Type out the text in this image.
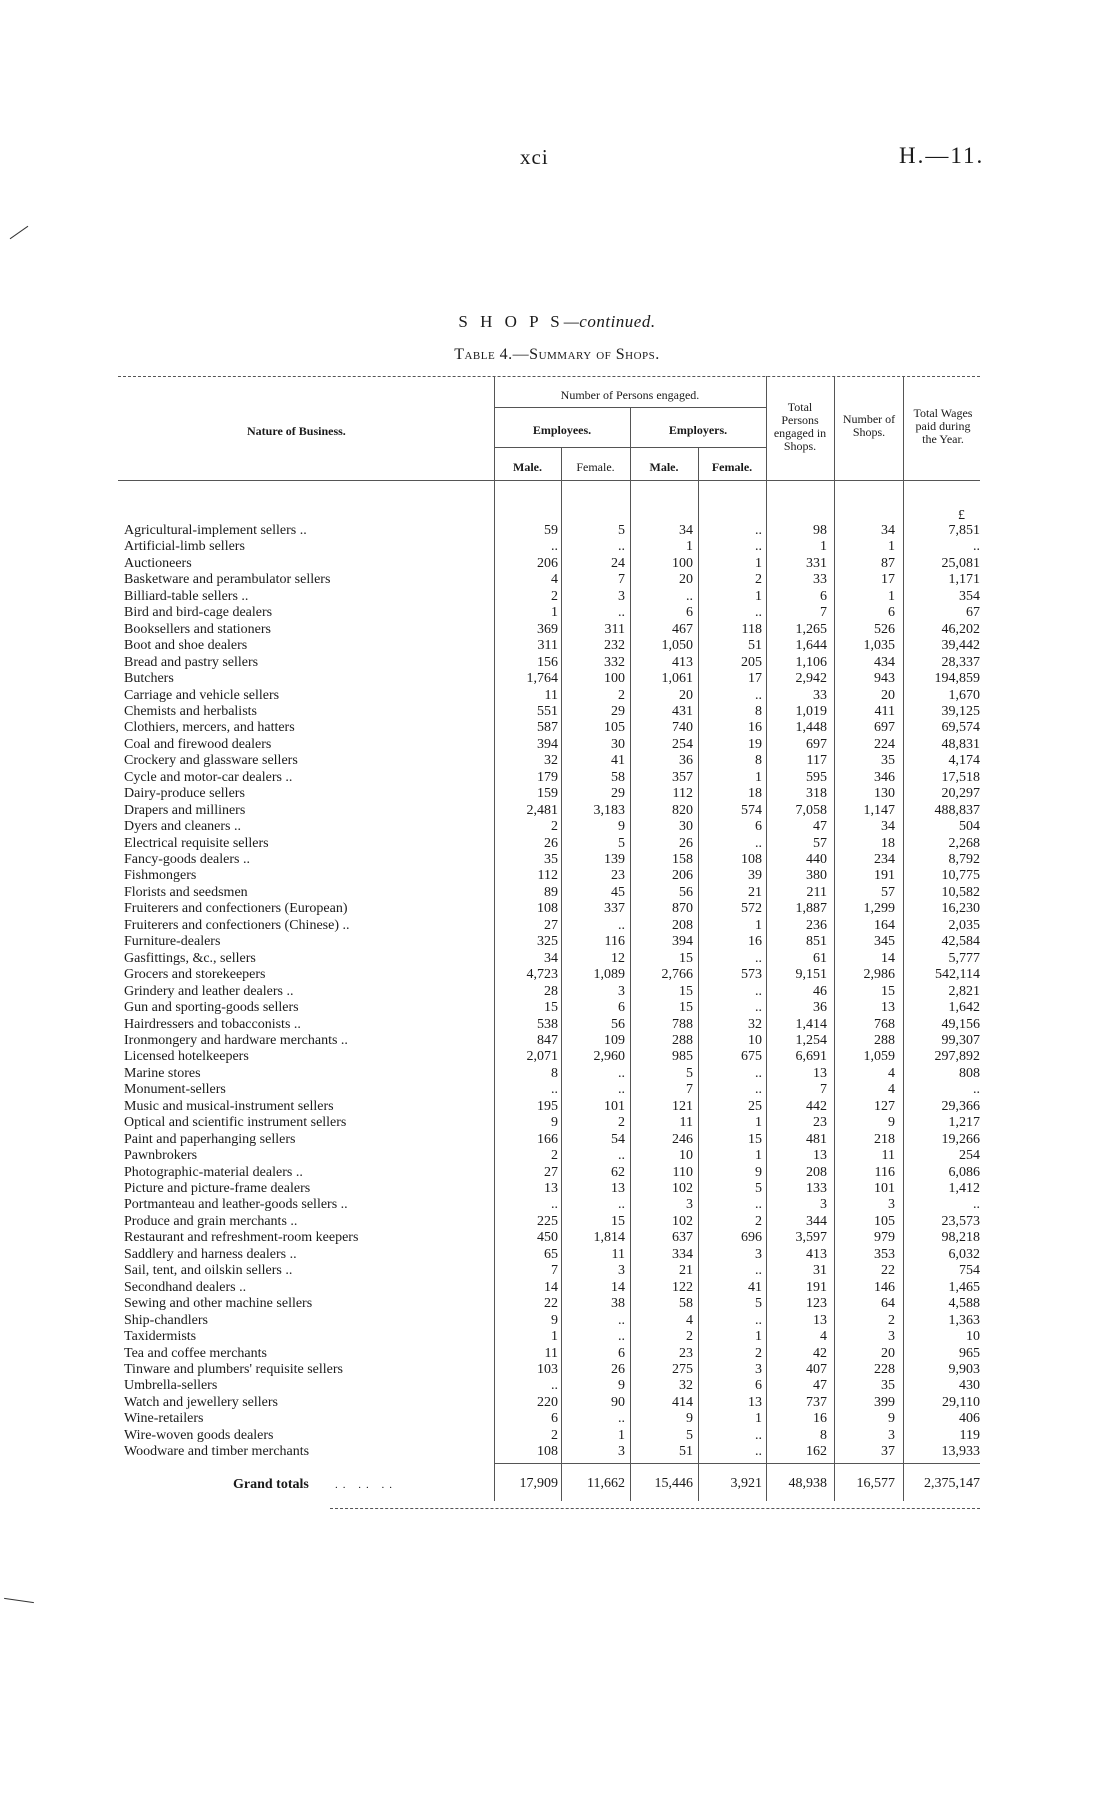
xci	H.—11.
S H O P S—continued.
Table 4.—Summary of Shops.
Nature of Business.
Number of Persons engaged.
Employees.	Employers.
Male.	Female.	Male.	Female.
Total Persons engaged in Shops.
Number of Shops.
Total Wages paid during the Year.
£
Agricultural-implement sellers ..	59	5	34	..	98	34	7,851
Artificial-limb sellers	..	..	1	..	1	1	..
Auctioneers	206	24	100	1	331	87	25,081
Basketware and perambulator sellers	4	7	20	2	33	17	1,171
Billiard-table sellers ..	2	3	..	1	6	1	354
Bird and bird-cage dealers	1	..	6	..	7	6	67
Booksellers and stationers	369	311	467	118 1,265	526	46,202
Boot and shoe dealers	311	232	1,050	51 1,644	1,035	39,442
Bread and pastry sellers	156	332	413	205 1,106	434	28,337
Butchers	1,764	100	1,061	17 2,942	943	194,859
Carriage and vehicle sellers	11	2	20	..	33	20	1,670
Chemists and herbalists	551	29	431	8 1,019	411	39,125
Clothiers, mercers, and hatters	587	105	740	16 1,448	697	69,574
Coal and firewood dealers	394	30	254	19	697	224	48,831
Crockery and glassware sellers	32	41	36	8	117	35	4,174
Cycle and motor-car dealers ..	179	58	357	1	595	346	17,518
Dairy-produce sellers	159	29	112	18	318	130	20,297
Drapers and milliners	2,481	3,183	820	574 7,058	1,147	488,837
Dyers and cleaners ..	2	9	30	6	47	34	504
Electrical requisite sellers	26	5	26	..	57	18	2,268
Fancy-goods dealers ..	35	139	158	108	440	234	8,792
Fishmongers	112	23	206	39	380	191	10,775
Florists and seedsmen	89	45	56	21	211	57	10,582
Fruiterers and confectioners (European)	108	337	870	572 1,887	1,299	16,230
Fruiterers and confectioners (Chinese) ..	27	..	208	1	236	164	2,035
Furniture-dealers	325	116	394	16	851	345	42,584
Gasfittings, &c., sellers	34	12	15	..	61	14	5,777
Grocers and storekeepers	4,723	1,089	2,766	573 9,151	2,986	542,114
Grindery and leather dealers ..	28	3	15	..	46	15	2,821
Gun and sporting-goods sellers	15	6	15	..	36	13	1,642
Hairdressers and tobacconists ..	538	56	788	32 1,414	768	49,156
Ironmongery and hardware merchants ..	847	109	288	10 1,254	288	99,307
Licensed hotelkeepers	2,071	2,960	985	675 6,691	1,059	297,892
Marine stores	8	..	5	..	13	4	808
Monument-sellers	..	..	7	..	7	4	..
Music and musical-instrument sellers	195	101	121	25	442	127	29,366
Optical and scientific instrument sellers	9	2	11	1	23	9	1,217
Paint and paperhanging sellers	166	54	246	15	481	218	19,266
Pawnbrokers	2	..	10	1	13	11	254
Photographic-material dealers ..	27	62	110	9	208	116	6,086
Picture and picture-frame dealers	13	13	102	5	133	101	1,412
Portmanteau and leather-goods sellers ..	..	..	3	..	3	3	..
Produce and grain merchants ..	225	15	102	2	344	105	23,573
Restaurant and refreshment-room keepers	450	1,814	637	696 3,597	979	98,218
Saddlery and harness dealers ..	65	11	334	3	413	353	6,032
Sail, tent, and oilskin sellers ..	7	3	21	..	31	22	754
Secondhand dealers ..	14	14	122	41	191	146	1,465
Sewing and other machine sellers	22	38	58	5	123	64	4,588
Ship-chandlers	9	..	4	..	13	2	1,363
Taxidermists	1	..	2	1	4	3	10
Tea and coffee merchants	11	6	23	2	42	20	965
Tinware and plumbers' requisite sellers	103	26	275	3	407	228	9,903
Umbrella-sellers	..	9	32	6	47	35	430
Watch and jewellery sellers	220	90	414	13	737	399	29,110
Wine-retailers	6	..	9	1	16	9	406
Wire-woven goods dealers	2	1	5	..	8	3	119
Woodware and timber merchants	108	3	51	..	162	37	13,933
Grand totals .. .. ..	17,909 11,662 15,446	3,921 48,938 16,577 2,375,147
